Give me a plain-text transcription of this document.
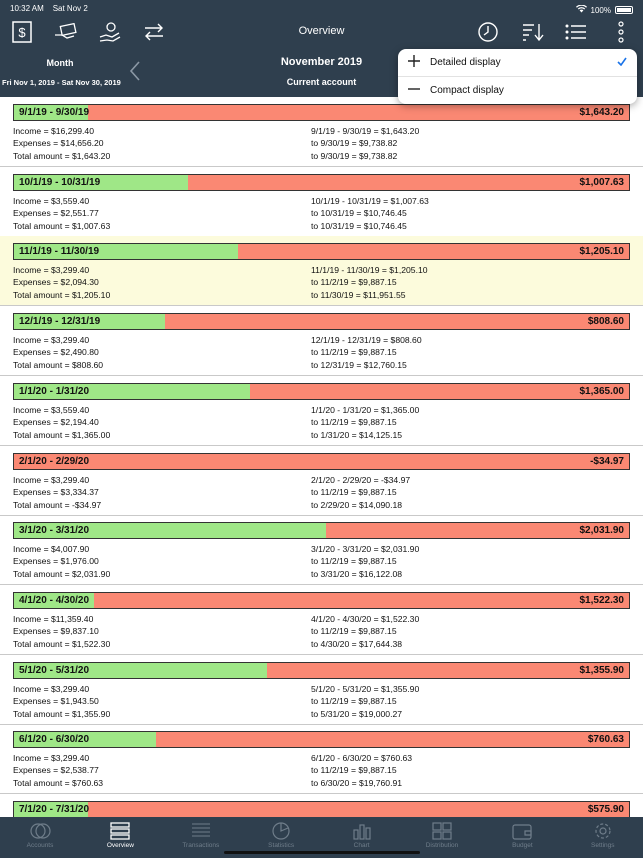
10:32 AM Sat Nov 2	100%
$	Overview
Month
Fri Nov 1, 2019 - Sat Nov 30, 2019
November 2019
Current account
Detailed display
Compact display
9/1/19 - 9/30/19	$1,643.20
Income = $16,299.40
Expenses = $14,656.20
Total amount = $1,643.20
9/1/19 - 9/30/19 = $1,643.20
to 9/30/19 = $9,738.82
to 9/30/19 = $9,738.82
10/1/19 - 10/31/19	$1,007.63
Income = $3,559.40
Expenses = $2,551.77
Total amount = $1,007.63
10/1/19 - 10/31/19 = $1,007.63
to 10/31/19 = $10,746.45
to 10/31/19 = $10,746.45
11/1/19 - 11/30/19	$1,205.10
Income = $3,299.40
Expenses = $2,094.30
Total amount = $1,205.10
11/1/19 - 11/30/19 = $1,205.10
to 11/2/19 = $9,887.15
to 11/30/19 = $11,951.55
12/1/19 - 12/31/19	$808.60
Income = $3,299.40
Expenses = $2,490.80
Total amount = $808.60
12/1/19 - 12/31/19 = $808.60
to 11/2/19 = $9,887.15
to 12/31/19 = $12,760.15
1/1/20 - 1/31/20	$1,365.00
Income = $3,559.40
Expenses = $2,194.40
Total amount = $1,365.00
1/1/20 - 1/31/20 = $1,365.00
to 11/2/19 = $9,887.15
to 1/31/20 = $14,125.15
2/1/20 - 2/29/20	-$34.97
Income = $3,299.40
Expenses = $3,334.37
Total amount = -$34.97
2/1/20 - 2/29/20 = -$34.97
to 11/2/19 = $9,887.15
to 2/29/20 = $14,090.18
3/1/20 - 3/31/20	$2,031.90
Income = $4,007.90
Expenses = $1,976.00
Total amount = $2,031.90
3/1/20 - 3/31/20 = $2,031.90
to 11/2/19 = $9,887.15
to 3/31/20 = $16,122.08
4/1/20 - 4/30/20	$1,522.30
Income = $11,359.40
Expenses = $9,837.10
Total amount = $1,522.30
4/1/20 - 4/30/20 = $1,522.30
to 11/2/19 = $9,887.15
to 4/30/20 = $17,644.38
5/1/20 - 5/31/20	$1,355.90
Income = $3,299.40
Expenses = $1,943.50
Total amount = $1,355.90
5/1/20 - 5/31/20 = $1,355.90
to 11/2/19 = $9,887.15
to 5/31/20 = $19,000.27
6/1/20 - 6/30/20	$760.63
Income = $3,299.40
Expenses = $2,538.77
Total amount = $760.63
6/1/20 - 6/30/20 = $760.63
to 11/2/19 = $9,887.15
to 6/30/20 = $19,760.91
7/1/20 - 7/31/20	$575.90
Accounts	Overview	Transactions	Statistics	Chart	Distribution	Budget	Settings
